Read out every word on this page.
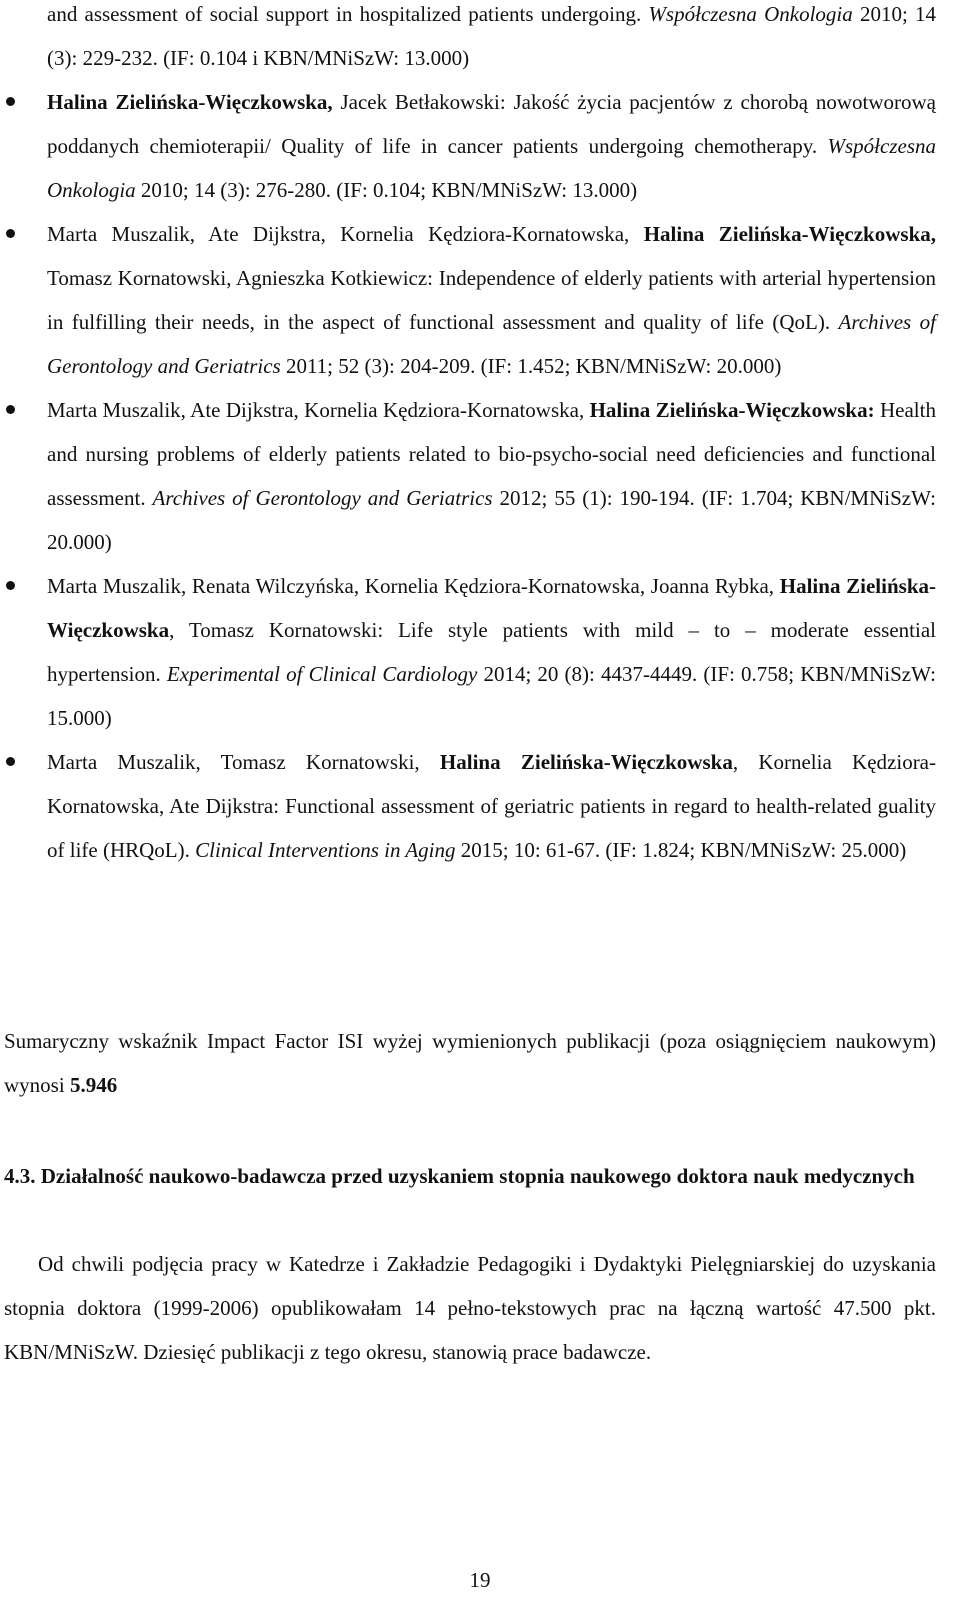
and assessment of social support in hospitalized patients undergoing. Współczesna Onkologia 2010; 14 (3): 229-232. (IF: 0.104 i KBN/MNiSzW: 13.000)
Halina Zielińska-Więczkowska, Jacek Betłakowski: Jakość życia pacjentów z chorobą nowotworową poddanych chemioterapii/ Quality of life in cancer patients undergoing chemotherapy. Współczesna Onkologia 2010; 14 (3): 276-280. (IF: 0.104; KBN/MNiSzW: 13.000)
Marta Muszalik, Ate Dijkstra, Kornelia Kędziora-Kornatowska, Halina Zielińska-Więczkowska, Tomasz Kornatowski, Agnieszka Kotkiewicz: Independence of elderly patients with arterial hypertension in fulfilling their needs, in the aspect of functional assessment and quality of life (QoL). Archives of Gerontology and Geriatrics 2011; 52 (3): 204-209. (IF: 1.452; KBN/MNiSzW: 20.000)
Marta Muszalik, Ate Dijkstra, Kornelia Kędziora-Kornatowska, Halina Zielińska-Więczkowska: Health and nursing problems of elderly patients related to bio-psycho-social need deficiencies and functional assessment. Archives of Gerontology and Geriatrics 2012; 55 (1): 190-194. (IF: 1.704; KBN/MNiSzW: 20.000)
Marta Muszalik, Renata Wilczyńska, Kornelia Kędziora-Kornatowska, Joanna Rybka, Halina Zielińska-Więczkowska, Tomasz Kornatowski: Life style patients with mild – to – moderate essential hypertension. Experimental of Clinical Cardiology 2014; 20 (8): 4437-4449. (IF: 0.758; KBN/MNiSzW: 15.000)
Marta Muszalik, Tomasz Kornatowski, Halina Zielińska-Więczkowska, Kornelia Kędziora-Kornatowska, Ate Dijkstra: Functional assessment of geriatric patients in regard to health-related guality of life (HRQoL). Clinical Interventions in Aging 2015; 10: 61-67. (IF: 1.824; KBN/MNiSzW: 25.000)

Sumaryczny wskaźnik Impact Factor ISI wyżej wymienionych publikacji (poza osiągnięciem naukowym) wynosi 5.946

4.3. Działalność naukowo-badawcza przed uzyskaniem stopnia naukowego doktora nauk medycznych

Od chwili podjęcia pracy w Katedrze i Zakładzie Pedagogiki i Dydaktyki Pielęgniarskiej do uzyskania stopnia doktora (1999-2006) opublikowałam 14 pełno-tekstowych prac na łączną wartość 47.500 pkt. KBN/MNiSzW. Dziesięć publikacji z tego okresu, stanowią prace badawcze.

19
